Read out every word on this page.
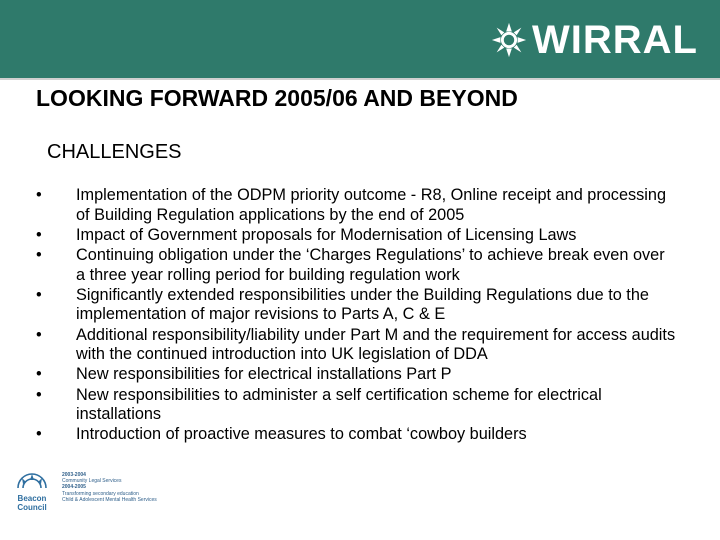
WIRRAL
LOOKING FORWARD 2005/06 AND BEYOND
CHALLENGES
•	Implementation of the ODPM priority outcome - R8, Online receipt and processing of Building Regulation applications by the end of 2005
•	Impact of Government proposals for Modernisation of Licensing Laws
•	Continuing obligation under the ‘Charges Regulations’ to achieve break even over a three year rolling period for building regulation work
•	Significantly extended responsibilities under the Building Regulations due to the implementation of major revisions to Parts A, C & E
•	Additional responsibility/liability under Part M and the requirement for access audits with the continued introduction into UK legislation of DDA
•	New responsibilities for electrical installations Part P
•	New responsibilities to administer a self certification scheme for electrical installations
•	Introduction of proactive measures to combat ‘cowboy builders
Beacon
Council
2003-2004
Community Legal Services
2004-2005
Transforming secondary education
Child & Adolescent Mental Health Services
